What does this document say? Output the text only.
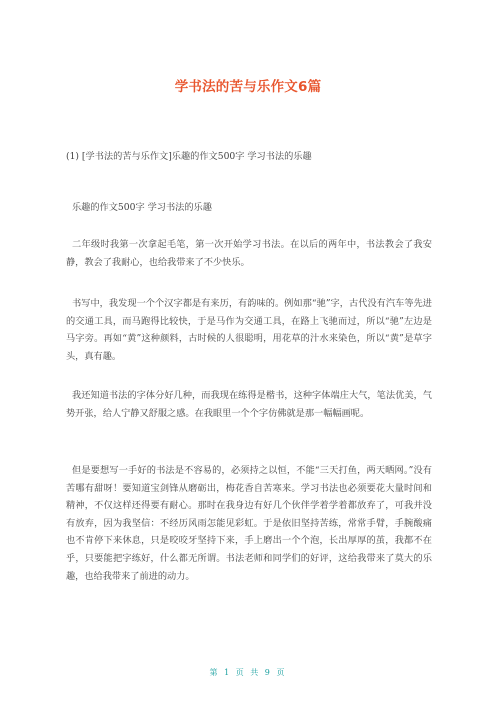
学书法的苦与乐作文6篇
(1) [学书法的苦与乐作文]乐趣的作文500字 学习书法的乐趣
乐趣的作文500字 学习书法的乐趣

二年级时我第一次拿起毛笔，第一次开始学习书法。在以后的两年中，书法教会了我安静，教会了我耐心，也给我带来了不少快乐。

书写中，我发现一个个汉字都是有来历，有韵味的。例如那“驰”字，古代没有汽车等先进的交通工具，而马跑得比较快，于是马作为交通工具，在路上飞驰而过，所以“驰”左边是马字旁。再如“黄”这种颜料，古时候的人很聪明，用花草的汁水来染色，所以“黄”是草字头，真有趣。

我还知道书法的字体分好几种，而我现在练得是楷书，这种字体端庄大气，笔法优美，气势开张，给人宁静又舒服之感。在我眼里一个个字仿佛就是那一幅幅画呢。

但是要想写一手好的书法是不容易的，必须持之以恒，不能“三天打鱼，两天晒网。”没有苦哪有甜呀！要知道宝剑锋从磨砺出，梅花香自苦寒来。学习书法也必须要花大量时间和精神，不仅这样还得要有耐心。那时在我身边有好几个伙伴学着学着都放弃了，可我并没有放弃，因为我坚信：不经历风雨怎能见彩虹。于是依旧坚持苦练，常常手臂，手腕酸痛也不肯停下来休息，只是咬咬牙坚持下来，手上磨出一个个泡，长出厚厚的茧，我都不在乎，只要能把字练好，什么都无所谓。书法老师和同学们的好评，这给我带来了莫大的乐趣，也给我带来了前进的动力。

第 1 页 共 9 页
